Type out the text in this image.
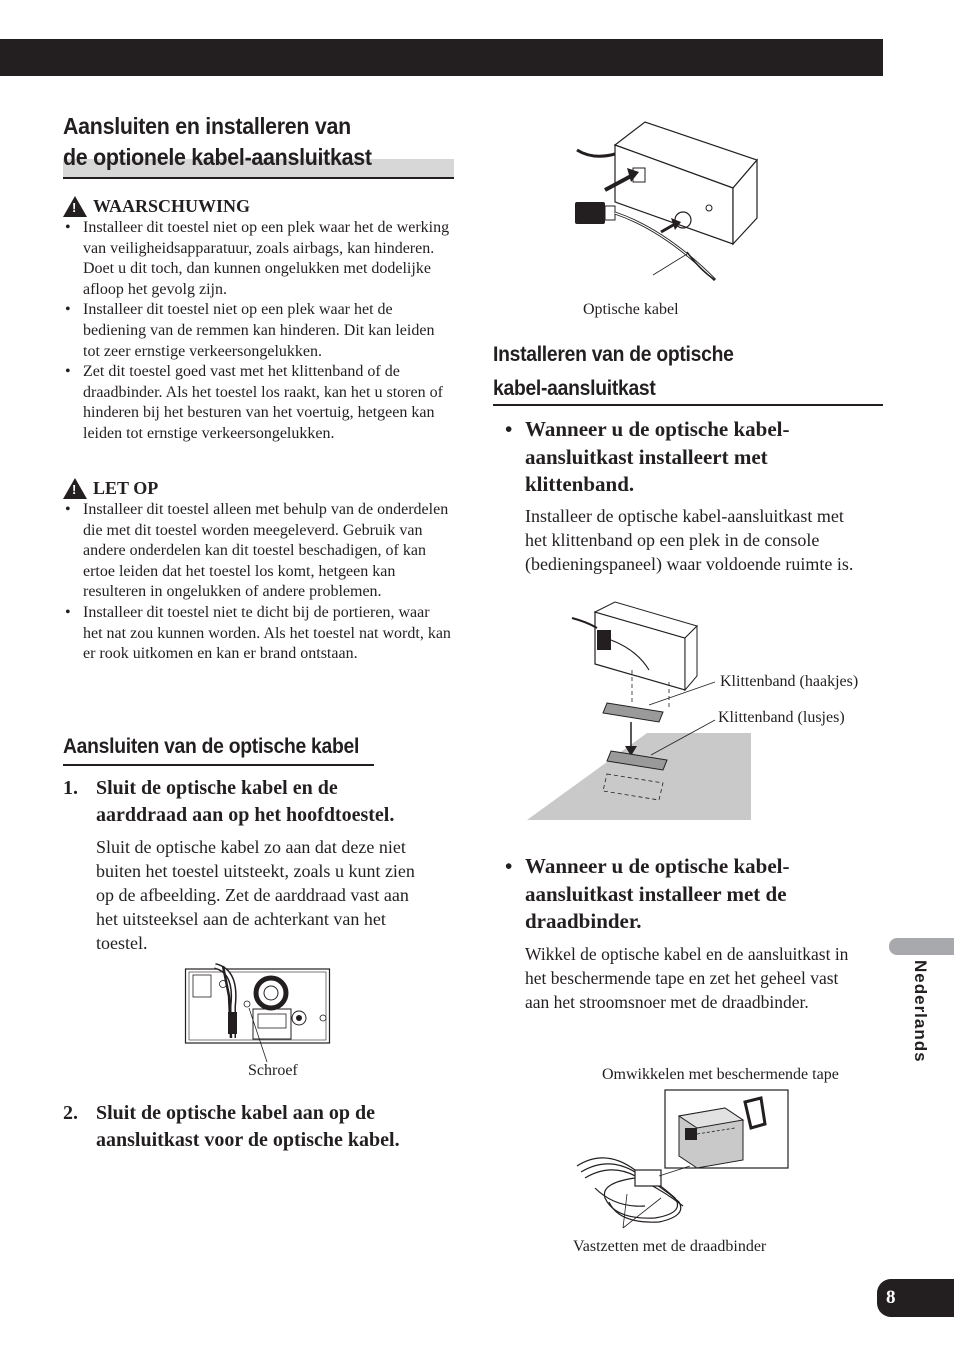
Aansluiten en installeren van
de optionele kabel-aansluitkast
! WAARSCHUWING
• Installeer dit toestel niet op een plek waar het de werking van veiligheidsapparatuur, zoals airbags, kan hinderen. Doet u dit toch, dan kunnen ongelukken met dodelijke afloop het gevolg zijn.
• Installeer dit toestel niet op een plek waar het de bediening van de remmen kan hinderen. Dit kan leiden tot zeer ernstige verkeersongelukken.
• Zet dit toestel goed vast met het klittenband of de draadbinder. Als het toestel los raakt, kan het u storen of hinderen bij het besturen van het voertuig, hetgeen kan leiden tot ernstige verkeersongelukken.
! LET OP
• Installeer dit toestel alleen met behulp van de onderdelen die met dit toestel worden meegeleverd. Gebruik van andere onderdelen kan dit toestel beschadigen, of kan ertoe leiden dat het toestel los komt, hetgeen kan resulteren in ongelukken of andere problemen.
• Installeer dit toestel niet te dicht bij de portieren, waar het nat zou kunnen worden. Als het toestel nat wordt, kan er rook uitkomen en kan er brand ontstaan.
Aansluiten van de optische kabel
1. Sluit de optische kabel en de aarddraad aan op het hoofdtoestel.
Sluit de optische kabel zo aan dat deze niet buiten het toestel uitsteekt, zoals u kunt zien op de afbeelding. Zet de aarddraad vast aan het uitsteeksel aan de achterkant van het toestel.
Schroef
2. Sluit de optische kabel aan op de aansluitkast voor de optische kabel.
Optische kabel
Installeren van de optische
kabel-aansluitkast
• Wanneer u de optische kabel-aansluitkast installeert met klittenband.
Installeer de optische kabel-aansluitkast met het klittenband op een plek in de console (bedieningspaneel) waar voldoende ruimte is.
Klittenband (haakjes)
Klittenband (lusjes)
• Wanneer u de optische kabel-aansluitkast installeer met de draadbinder.
Wikkel de optische kabel en de aansluitkast in het beschermende tape en zet het geheel vast aan het stroomsnoer met de draadbinder.
Omwikkelen met beschermende tape
Vastzetten met de draadbinder
Nederlands
8
